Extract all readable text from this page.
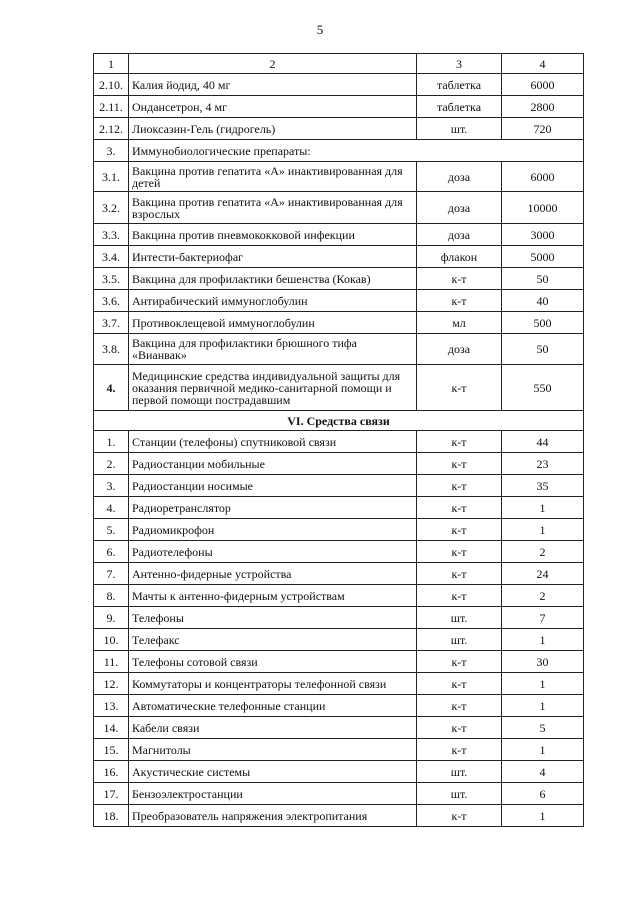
5
1	2	3	4
2.10.	Калия йодид, 40 мг	таблетка	6000
2.11.	Ондансетрон, 4 мг	таблетка	2800
2.12.	Лиоксазин-Гель (гидрогель)	шт.	720
3.	Иммунобиологические препараты:		
3.1.	Вакцина против гепатита «А» инактивированная для детей	доза	6000
3.2.	Вакцина против гепатита «А» инактивированная для взрослых	доза	10000
3.3.	Вакцина против пневмококковой инфекции	доза	3000
3.4.	Интести-бактериофаг	флакон	5000
3.5.	Вакцина для профилактики бешенства (Кокав)	к-т	50
3.6.	Антирабический иммуноглобулин	к-т	40
3.7.	Противоклещевой иммуноглобулин	мл	500
3.8.	Вакцина для профилактики брюшного тифа «Вианвак»	доза	50
4.	Медицинские средства индивидуальной защиты для оказания первичной медико-санитарной помощи и первой помощи пострадавшим	к-т	550
VI. Средства связи			
1.	Станции (телефоны) спутниковой связи	к-т	44
2.	Радиостанции мобильные	к-т	23
3.	Радиостанции носимые	к-т	35
4.	Радиоретранслятор	к-т	1
5.	Радиомикрофон	к-т	1
6.	Радиотелефоны	к-т	2
7.	Антенно-фидерные устройства	к-т	24
8.	Мачты к антенно-фидерным устройствам	к-т	2
9.	Телефоны	шт.	7
10.	Телефакс	шт.	1
11.	Телефоны сотовой связи	к-т	30
12.	Коммутаторы и концентраторы телефонной связи	к-т	1
13.	Автоматические телефонные станции	к-т	1
14.	Кабели связи	к-т	5
15.	Магнитолы	к-т	1
16.	Акустические системы	шт.	4
17.	Бензоэлектростанции	шт.	6
18.	Преобразователь напряжения электропитания	к-т	1
